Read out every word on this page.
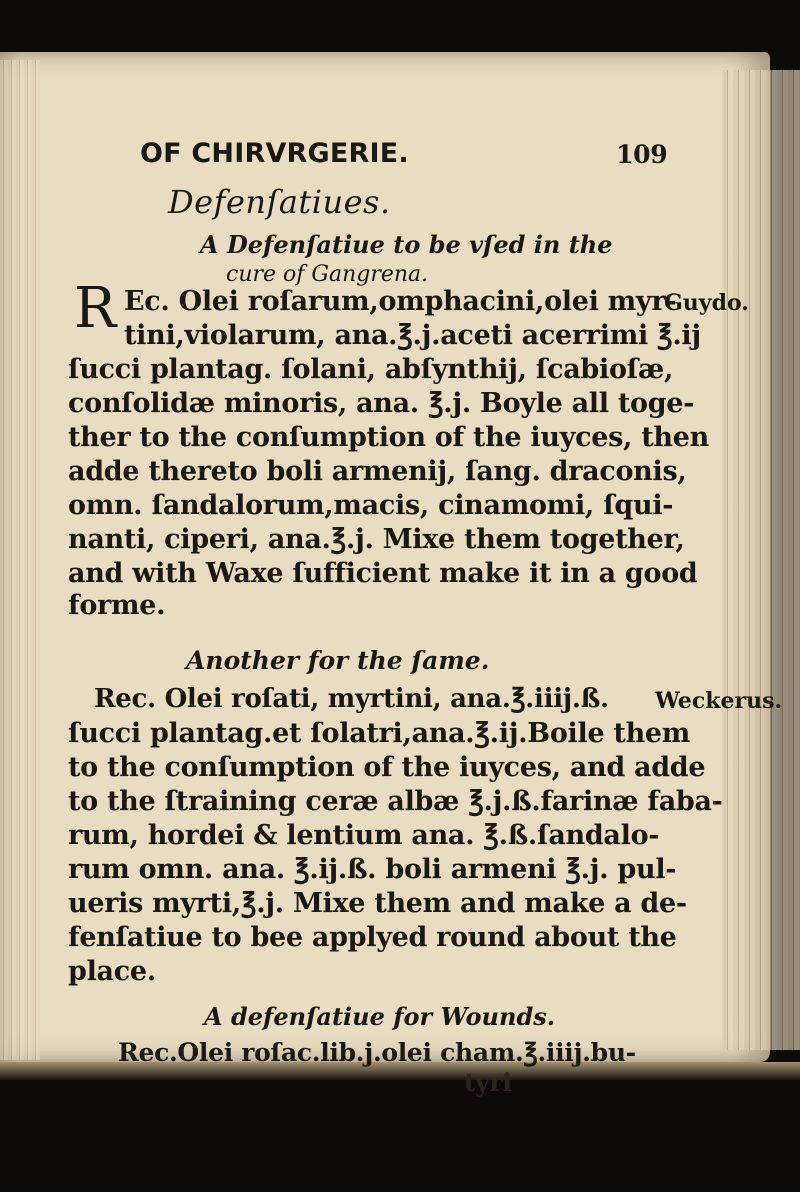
OF CHIRVRGERIE.	109
Defenſatiues.
A Defenſatiue to be vſed in the
cure of Gangrena.
R Ec. Olei roſarum,omphacini,olei myr-
Guydo.
tini,violarum, ana.℥.j.aceti acerrimi ℥.ij
ſucci plantag. ſolani, abſynthij, ſcabioſæ,
conſolidæ minoris, ana. ℥.j. Boyle all toge-
ther to the conſumption of the iuyces, then
adde thereto boli armenij, ſang. draconis,
omn. ſandalorum,macis, cinamomi, ſqui-
nanti, ciperi, ana.℥.j. Mixe them together,
and with Waxe ſufficient make it in a good
forme.
Another for the ſame.
Rec. Olei roſati, myrtini, ana.℥.iiij.ß. Weckerus.
ſucci plantag.et ſolatri,ana.℥.ij.Boile them
to the conſumption of the iuyces, and adde
to the ſtraining ceræ albæ ℥.j.ß.farinæ faba-
rum, hordei & lentium ana. ℥.ß.ſandalo-
rum omn. ana. ℥.ij.ß. boli armeni ℥.j. pul-
ueris myrti,℥.j. Mixe them and make a de-
fenſatiue to bee applyed round about the
place.
A defenſatiue for Wounds.
Rec.Olei roſac.lib.j.olei cham.℥.iiij.bu-
tyri
